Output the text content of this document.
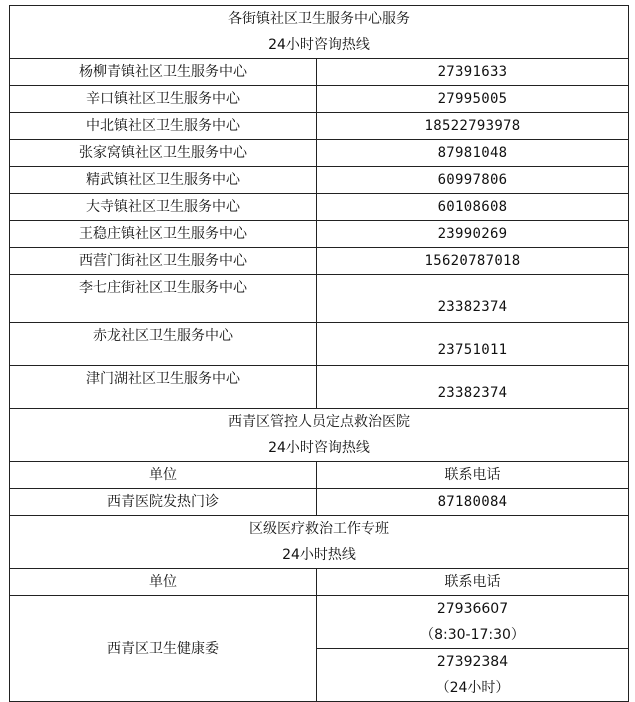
各街镇社区卫生服务中心服务
24小时咨询热线	

杨柳青镇社区卫生服务中心	27391633
辛口镇社区卫生服务中心	27995005
中北镇社区卫生服务中心	18522793978
张家窝镇社区卫生服务中心	87981048
精武镇社区卫生服务中心	60997806
大寺镇社区卫生服务中心	60108608
王稳庄镇社区卫生服务中心	23990269
西营门街社区卫生服务中心	15620787018
李七庄街社区卫生服务中心	23382374
赤龙社区卫生服务中心	23751011
津门湖社区卫生服务中心	23382374

西青区管控人员定点救治医院
24小时咨询热线	

单位	联系电话
西青医院发热门诊	87180084

区级医疗救治工作专班
24小时热线	

单位	联系电话
西青区卫生健康委	27936607
（8:30-17:30）

	27392384
（24小时）
